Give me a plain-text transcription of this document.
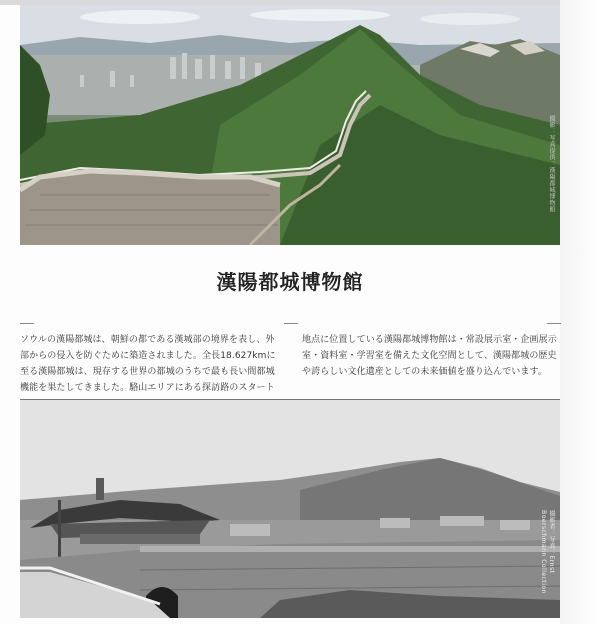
撮影：写真提供：漢陽都城博物館
漢陽都城博物館
ソウルの漢陽都城は、朝鮮の都である漢城部の境界を表し、外部からの侵入を防ぐために築造されました。全長18.627kmに至る漢陽都城は、現存する世界の都城のうちで最も長い間都城機能を果たしてきました。駱山エリアにある探訪路のスタート
地点に位置している漢陽都城博物館は・常設展示室・企画展示室・資料室・学習室を備えた文化空間として、漢陽都城の歴史や誇らしい文化遺産としての未来価値を盛り込んでいます。
撮影者：写真：Ernst Boerschmann Collection
